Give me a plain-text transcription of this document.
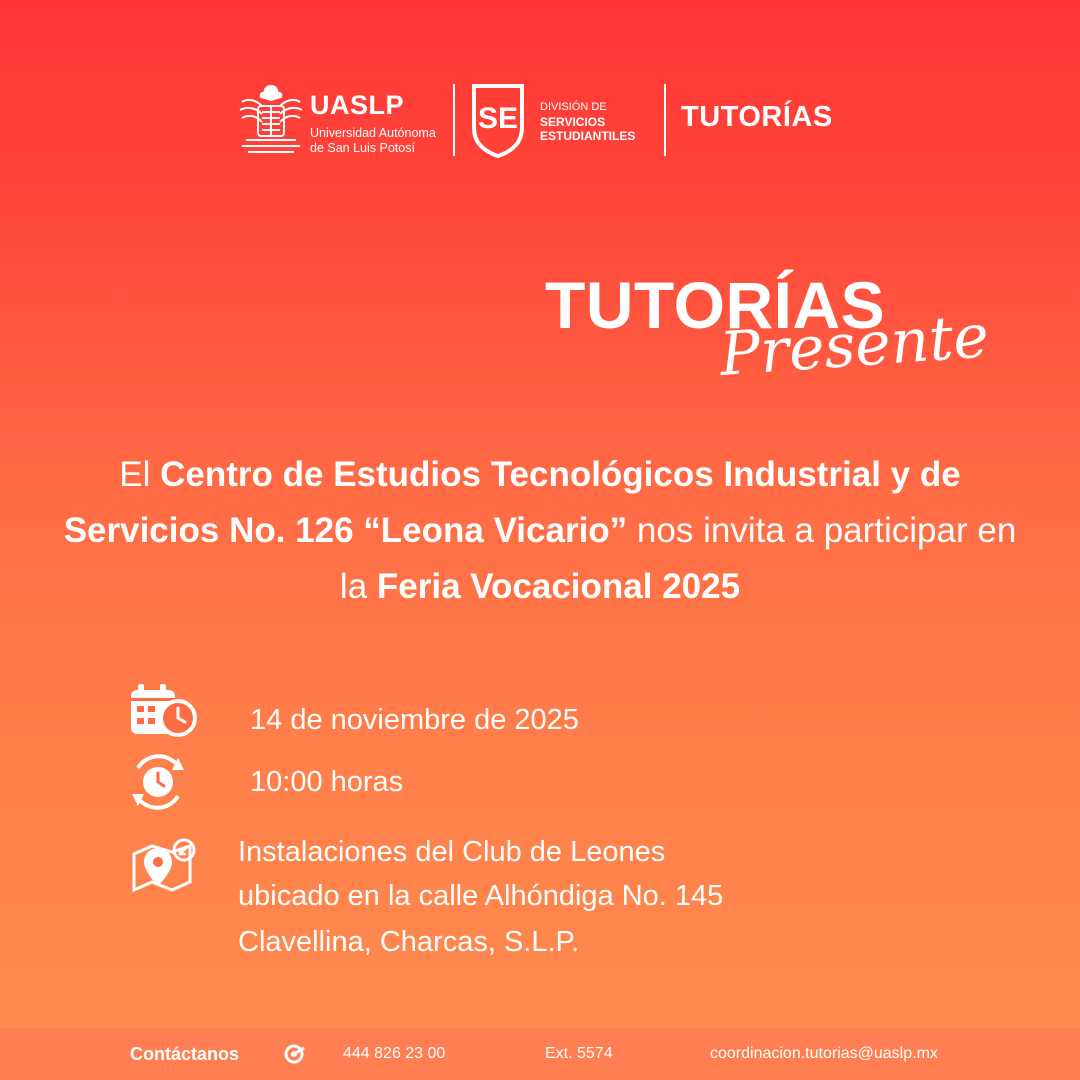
UASLP
Universidad Autónoma
de San Luis Potosí
SE DIVISIÓN DE
SERVICIOS
ESTUDIANTILES
TUTORÍAS
TUTORÍAS
Presente
El Centro de Estudios Tecnológicos Industrial y de Servicios No. 126 “Leona Vicario” nos invita a participar en la Feria Vocacional 2025
14 de noviembre de 2025
10:00 horas
Instalaciones del Club de Leones
ubicado en la calle Alhóndiga No. 145
Clavellina, Charcas, S.L.P.
Contáctanos	444 826 23 00	Ext. 5574	coordinacion.tutorias@uaslp.mx
